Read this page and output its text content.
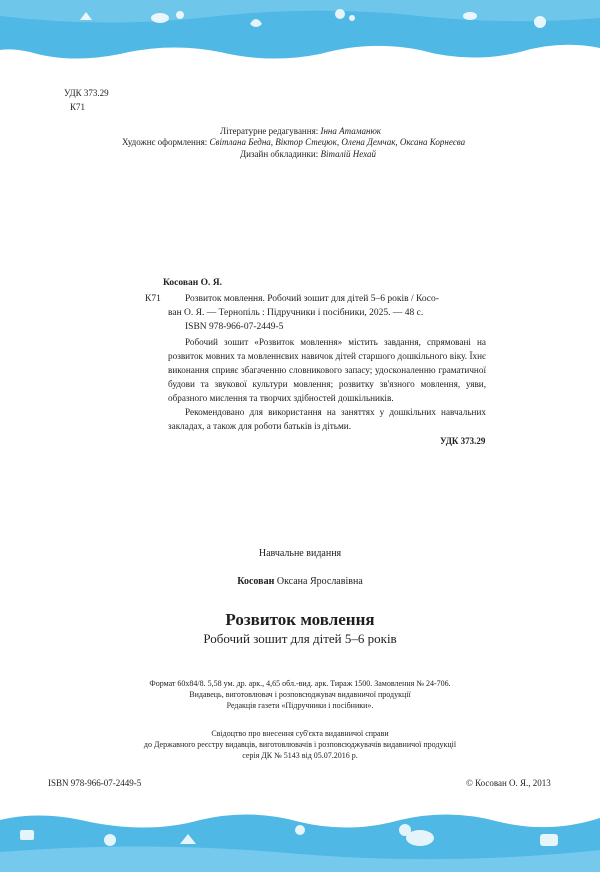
УДК 373.29
К71
Літературне редагування: Інна Атаманюк
Художнє оформлення: Світлана Бедна, Віктор Стецюк, Олена Демчак, Оксана Корнеєва
Дизайн обкладинки: Віталій Нехай
Косован О. Я.
К71	Розвиток мовлення. Робочий зошит для дітей 5–6 років / Косо-
ван О. Я. — Тернопіль : Підручники і посібники, 2025. — 48 с.
ISBN 978-966-07-2449-5
Робочий зошит «Розвиток мовлення» містить завдання, спрямовані на розвиток мовних та мовленнєвих навичок дітей старшого дошкільного віку. Їхнє виконання сприяє збагаченню словникового запасу; удосконаленню граматичної будови та звукової культури мовлення; розвитку зв'язного мовлення, уяви, образного мислення та творчих здібностей дошкільників.
Рекомендовано для використання на заняттях у дошкільних навчальних закладах, а також для роботи батьків із дітьми.
УДК 373.29
Навчальне видання
Косован Оксана Ярославівна
Розвиток мовлення
Робочий зошит для дітей 5–6 років
Формат 60х84/8. 5,58 ум. др. арк., 4,65 обл.-вид. арк. Тираж 1500. Замовлення № 24-706.
Видавець, виготовлювач і розповсюджувач видавничої продукції
Редакція газети «Підручники і посібники».
Свідоцтво про внесення суб'єкта видавничої справи
до Державного реєстру видавців, виготовлювачів і розповсюджувачів видавничої продукції
серія ДК № 5143 від 05.07.2016 р.
ISBN 978-966-07-2449-5	© Косован О. Я., 2013
